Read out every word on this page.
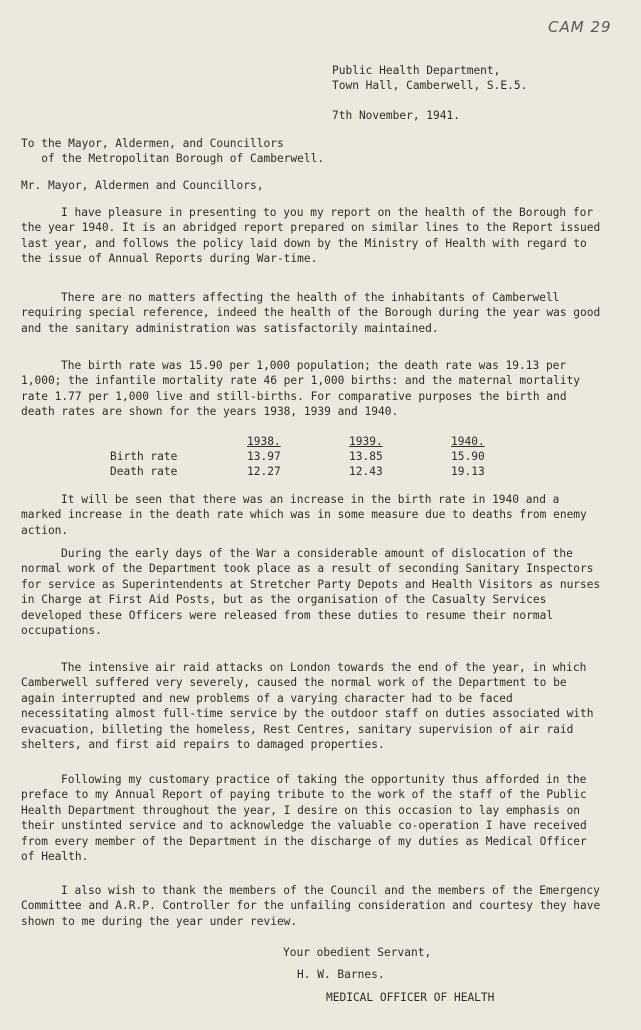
CAM 29
Public Health Department,
Town Hall, Camberwell, S.E.5.
7th November, 1941.
To the Mayor, Aldermen, and Councillors
of the Metropolitan Borough of Camberwell.
Mr. Mayor, Aldermen and Councillors,

I have pleasure in presenting to you my report on the health of the Borough for the year 1940. It is an abridged report prepared on similar lines to the Report issued last year, and follows the policy laid down by the Ministry of Health with regard to the issue of Annual Reports during War-time.

There are no matters affecting the health of the inhabitants of Camberwell requiring special reference, indeed the health of the Borough during the year was good and the sanitary administration was satisfactorily maintained.

The birth rate was 15.90 per 1,000 population; the death rate was 19.13 per 1,000; the infantile mortality rate 46 per 1,000 births: and the maternal mortality rate 1.77 per 1,000 live and still-births. For comparative purposes the birth and death rates are shown for the years 1938, 1939 and 1940.

	1938.	1939.	1940.
Birth rate	13.97	13.85	15.90
Death rate	12.27	12.43	19.13

It will be seen that there was an increase in the birth rate in 1940 and a marked increase in the death rate which was in some measure due to deaths from enemy action.

During the early days of the War a considerable amount of dislocation of the normal work of the Department took place as a result of seconding Sanitary Inspectors for service as Superintendents at Stretcher Party Depots and Health Visitors as nurses in Charge at First Aid Posts, but as the organisation of the Casualty Services developed these Officers were released from these duties to resume their normal occupations.

The intensive air raid attacks on London towards the end of the year, in which Camberwell suffered very severely, caused the normal work of the Department to be again interrupted and new problems of a varying character had to be faced necessitating almost full-time service by the outdoor staff on duties associated with evacuation, billeting the homeless, Rest Centres, sanitary supervision of air raid shelters, and first aid repairs to damaged properties.

Following my customary practice of taking the opportunity thus afforded in the preface to my Annual Report of paying tribute to the work of the staff of the Public Health Department throughout the year, I desire on this occasion to lay emphasis on their unstinted service and to acknowledge the valuable co-operation I have received from every member of the Department in the discharge of my duties as Medical Officer of Health.

I also wish to thank the members of the Council and the members of the Emergency Committee and A.R.P. Controller for the unfailing consideration and courtesy they have shown to me during the year under review.

Your obedient Servant,
H. W. Barnes.
MEDICAL OFFICER OF HEALTH
